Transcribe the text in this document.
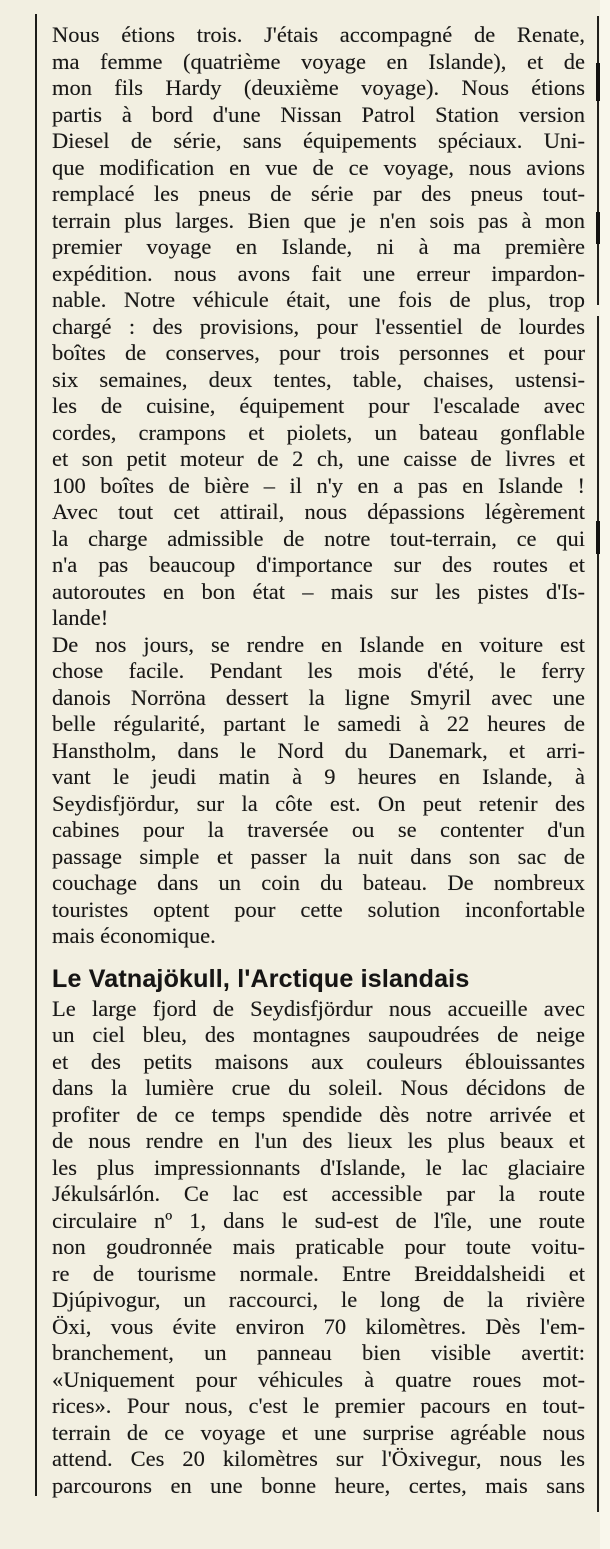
Nous étions trois. J'étais accompagné de Renate,
ma femme (quatrième voyage en Islande), et de
mon fils Hardy (deuxième voyage). Nous étions
partis à bord d'une Nissan Patrol Station version
Diesel de série, sans équipements spéciaux. Uni-
que modification en vue de ce voyage, nous avions
remplacé les pneus de série par des pneus tout-
terrain plus larges. Bien que je n'en sois pas à mon
premier voyage en Islande, ni à ma première
expédition. nous avons fait une erreur impardon-
nable. Notre véhicule était, une fois de plus, trop
chargé : des provisions, pour l'essentiel de lourdes
boîtes de conserves, pour trois personnes et pour
six semaines, deux tentes, table, chaises, ustensi-
les de cuisine, équipement pour l'escalade avec
cordes, crampons et piolets, un bateau gonflable
et son petit moteur de 2 ch, une caisse de livres et
100 boîtes de bière – il n'y en a pas en Islande !
Avec tout cet attirail, nous dépassions légèrement
la charge admissible de notre tout-terrain, ce qui
n'a pas beaucoup d'importance sur des routes et
autoroutes en bon état – mais sur les pistes d'Is-
lande!
De nos jours, se rendre en Islande en voiture est
chose facile. Pendant les mois d'été, le ferry
danois Norröna dessert la ligne Smyril avec une
belle régularité, partant le samedi à 22 heures de
Hanstholm, dans le Nord du Danemark, et arri-
vant le jeudi matin à 9 heures en Islande, à
Seydisfjördur, sur la côte est. On peut retenir des
cabines pour la traversée ou se contenter d'un
passage simple et passer la nuit dans son sac de
couchage dans un coin du bateau. De nombreux
touristes optent pour cette solution inconfortable
mais économique.
Le Vatnajökull, l'Arctique islandais
Le large fjord de Seydisfjördur nous accueille avec
un ciel bleu, des montagnes saupoudrées de neige
et des petits maisons aux couleurs éblouissantes
dans la lumière crue du soleil. Nous décidons de
profiter de ce temps spendide dès notre arrivée et
de nous rendre en l'un des lieux les plus beaux et
les plus impressionnants d'Islande, le lac glaciaire
Jékulsárlón. Ce lac est accessible par la route
circulaire nº 1, dans le sud-est de l'île, une route
non goudronnée mais praticable pour toute voitu-
re de tourisme normale. Entre Breiddalsheidi et
Djúpivogur, un raccourci, le long de la rivière
Öxi, vous évite environ 70 kilomètres. Dès l'em-
branchement, un panneau bien visible avertit:
«Uniquement pour véhicules à quatre roues mot-
rices». Pour nous, c'est le premier pacours en tout-
terrain de ce voyage et une surprise agréable nous
attend. Ces 20 kilomètres sur l'Öxivegur, nous les
parcourons en une bonne heure, certes, mais sans
